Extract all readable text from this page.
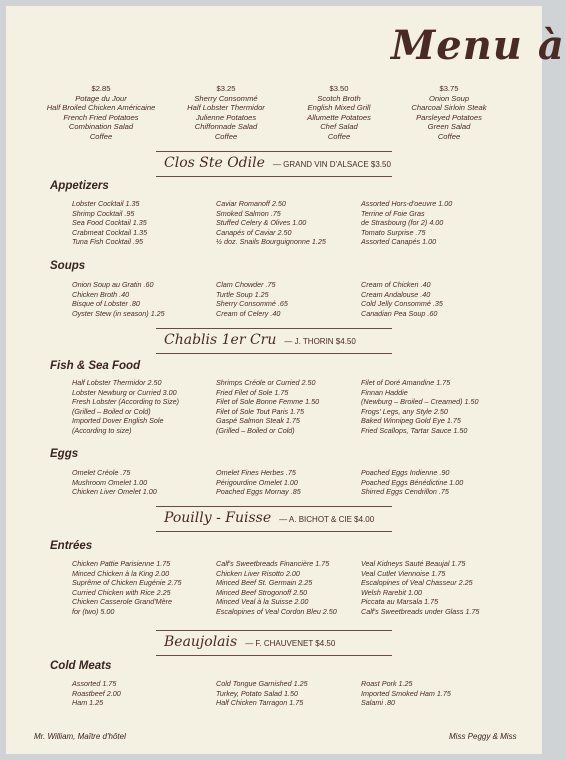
Menu à
$2.85
Potage du Jour
Half Broiled Chicken Américaine
French Fried Potatoes
Combination Salad
Coffee
$3.25
Sherry Consommé
Half Lobster Thermidor
Julienne Potatoes
Chiffonnade Salad
Coffee
$3.50
Scotch Broth
English Mixed Grill
Allumette Potatoes
Chef Salad
Coffee
$3.75
Onion Soup
Charcoal Sirloin Steak
Parsleyed Potatoes
Green Salad
Coffee
Clos Ste Odile — GRAND VIN D'ALSACE $3.50
Appetizers
Lobster Cocktail 1.35
Shrimp Cocktail .95
Sea Food Cocktail 1.35
Crabmeat Cocktail 1.35
Tuna Fish Cocktail .95
Caviar Romanoff 2.50
Smoked Salmon .75
Stuffed Celery & Olives 1.00
Canapés of Caviar 2.50
½ doz. Snails Bourguignonne 1.25
Assorted Hors-d'oeuvre 1.00
Terrine of Foie Gras
de Strasbourg (for 2) 4.00
Tomato Surprise .75
Assorted Canapés 1.00
Soups
Onion Soup au Gratin .60
Chicken Broth .40
Bisque of Lobster .80
Oyster Stew (in season) 1.25
Clam Chowder .75
Turtle Soup 1.25
Sherry Consommé .65
Cream of Celery .40
Cream of Chicken .40
Cream Andalouse .40
Cold Jelly Consommé .35
Canadian Pea Soup .60
Chablis 1er Cru — J. THORIN $4.50
Fish & Sea Food
Half Lobster Thermidor 2.50
Lobster Newburg or Curried 3.00
Fresh Lobster (According to Size)
(Grilled – Boiled or Cold)
Imported Dover English Sole
(According to size)
Shrimps Créole or Curried 2.50
Fried Filet of Sole 1.75
Filet of Sole Bonne Femme 1.50
Filet of Sole Tout Paris 1.75
Gaspé Salmon Steak 1.75
(Grilled – Boiled or Cold)
Filet of Doré Amandine 1.75
Finnan Haddie
(Newburg – Broiled – Creamed) 1.50
Frogs' Legs, any Style 2.50
Baked Winnipeg Gold Eye 1.75
Fried Scallops, Tartar Sauce 1.50
Eggs
Omelet Créole .75
Mushroom Omelet 1.00
Chicken Liver Omelet 1.00
Omelet Fines Herbes .75
Périgourdine Omelet 1.00
Poached Eggs Mornay .85
Poached Eggs Indienne .90
Poached Eggs Bénédictine 1.00
Shirred Eggs Cendrillon .75
Pouilly - Fuisse — A. BICHOT & CIE $4.00
Entrées
Chicken Pattie Parisienne 1.75
Minced Chicken à la King 2.00
Suprême of Chicken Eugénie 2.75
Curried Chicken with Rice 2.25
Chicken Casserole Grand'Mère
for (two) 5.00
Calf's Sweetbreads Financière 1.75
Chicken Liver Risotto 2.00
Minced Beef St. Germain 2.25
Minced Beef Strogonoff 2.50
Minced Veal à la Suisse 2.00
Escalopines of Veal Cordon Bleu 2.50
Veal Kidneys Sauté Beaujal 1.75
Veal Cutlet Viennoise 1.75
Escalopines of Veal Chasseur 2.25
Welsh Rarebit 1.00
Piccata au Marsala 1.75
Calf's Sweetbreads under Glass 1.75
Beaujolais — F. CHAUVENET $4.50
Cold Meats
Assorted 1.75
Roastbeef 2.00
Ham 1.25
Cold Tongue Garnished 1.25
Turkey, Potato Salad 1.50
Half Chicken Tarragon 1.75
Roast Pork 1.25
Imported Smoked Ham 1.75
Salami .80
Mr. William, Maître d'hôtel	Miss Peggy & Miss
